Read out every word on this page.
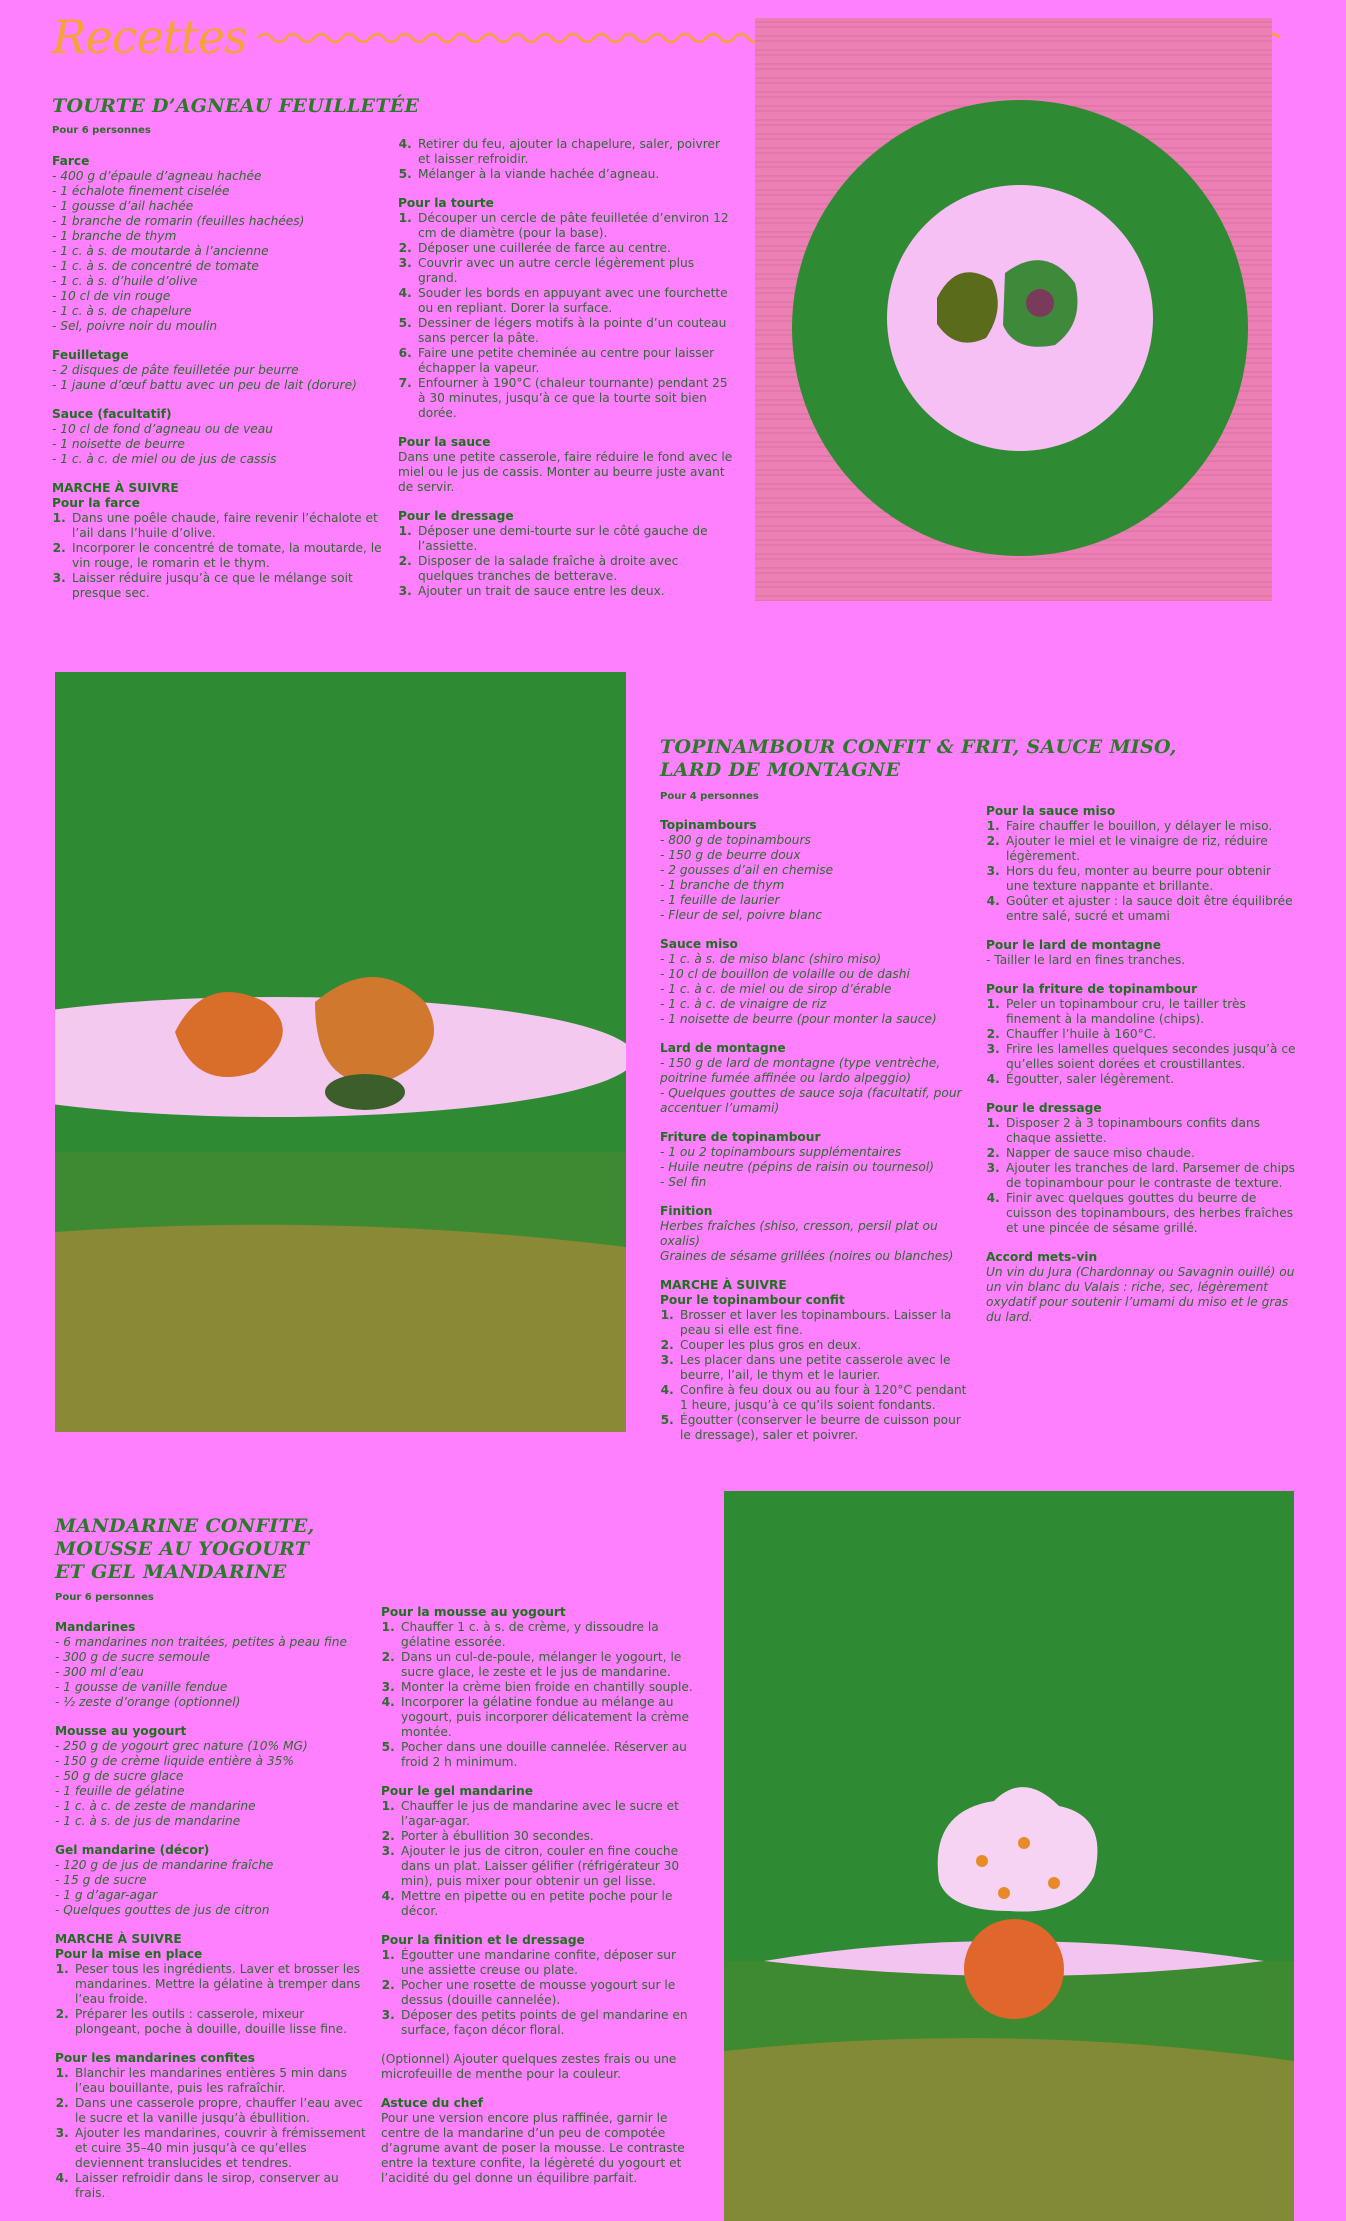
Recettes
TOURTE D’AGNEAU FEUILLETÉE
Pour 6 personnes
Farce
- 400 g d’épaule d’agneau hachée
- 1 échalote finement ciselée
- 1 gousse d’ail hachée
- 1 branche de romarin (feuilles hachées)
- 1 branche de thym
- 1 c. à s. de moutarde à l’ancienne
- 1 c. à s. de concentré de tomate
- 1 c. à s. d’huile d’olive
- 10 cl de vin rouge
- 1 c. à s. de chapelure
- Sel, poivre noir du moulin
Feuilletage
- 2 disques de pâte feuilletée pur beurre
- 1 jaune d’œuf battu avec un peu de lait (dorure)
Sauce (facultatif)
- 10 cl de fond d’agneau ou de veau
- 1 noisette de beurre
- 1 c. à c. de miel ou de jus de cassis
MARCHE À SUIVRE
Pour la farce
1. Dans une poêle chaude, faire revenir l’échalote et l’ail dans l’huile d’olive.
2. Incorporer le concentré de tomate, la moutarde, le vin rouge, le romarin et le thym.
3. Laisser réduire jusqu’à ce que le mélange soit presque sec.
4. Retirer du feu, ajouter la chapelure, saler, poivrer et laisser refroidir.
5. Mélanger à la viande hachée d’agneau.
Pour la tourte
1. Découper un cercle de pâte feuilletée d’environ 12 cm de diamètre (pour la base).
2. Déposer une cuillerée de farce au centre.
3. Couvrir avec un autre cercle légèrement plus grand.
4. Souder les bords en appuyant avec une fourchette ou en repliant. Dorer la surface.
5. Dessiner de légers motifs à la pointe d’un couteau sans percer la pâte.
6. Faire une petite cheminée au centre pour laisser échapper la vapeur.
7. Enfourner à 190°C (chaleur tournante) pendant 25 à 30 minutes, jusqu’à ce que la tourte soit bien dorée.
Pour la sauce

Dans une petite casserole, faire réduire le fond avec le miel ou le jus de cassis. Monter au beurre juste avant de servir.

Pour le dressage
1. Déposer une demi-tourte sur le côté gauche de l’assiette.
2. Disposer de la salade fraîche à droite avec quelques tranches de betterave.
3. Ajouter un trait de sauce entre les deux.
TOPINAMBOUR CONFIT & FRIT, SAUCE MISO,
LARD DE MONTAGNE
Pour 4 personnes
Topinambours
- 800 g de topinambours
- 150 g de beurre doux
- 2 gousses d’ail en chemise
- 1 branche de thym
- 1 feuille de laurier
- Fleur de sel, poivre blanc
Sauce miso
- 1 c. à s. de miso blanc (shiro miso)
- 10 cl de bouillon de volaille ou de dashi
- 1 c. à c. de miel ou de sirop d’érable
- 1 c. à c. de vinaigre de riz
- 1 noisette de beurre (pour monter la sauce)
Lard de montagne
- 150 g de lard de montagne (type ventrèche, poitrine fumée affinée ou lardo alpeggio)
- Quelques gouttes de sauce soja (facultatif, pour accentuer l’umami)
Friture de topinambour
- 1 ou 2 topinambours supplémentaires
- Huile neutre (pépins de raisin ou tournesol)
- Sel fin
Finition
Herbes fraîches (shiso, cresson, persil plat ou oxalis)
Graines de sésame grillées (noires ou blanches)
MARCHE À SUIVRE
Pour le topinambour confit
1. Brosser et laver les topinambours. Laisser la peau si elle est fine.
2. Couper les plus gros en deux.
3. Les placer dans une petite casserole avec le beurre, l’ail, le thym et le laurier.
4. Confire à feu doux ou au four à 120°C pendant 1 heure, jusqu’à ce qu’ils soient fondants.
5. Égoutter (conserver le beurre de cuisson pour le dressage), saler et poivrer.
Pour la sauce miso
1. Faire chauffer le bouillon, y délayer le miso.
2. Ajouter le miel et le vinaigre de riz, réduire légèrement.
3. Hors du feu, monter au beurre pour obtenir une texture nappante et brillante.
4. Goûter et ajuster : la sauce doit être équilibrée entre salé, sucré et umami
Pour le lard de montagne

- Tailler le lard en fines tranches.

Pour la friture de topinambour
1. Peler un topinambour cru, le tailler très finement à la mandoline (chips).
2. Chauffer l’huile à 160°C.
3. Frire les lamelles quelques secondes jusqu’à ce qu’elles soient dorées et croustillantes.
4. Égoutter, saler légèrement.
Pour le dressage
1. Disposer 2 à 3 topinambours confits dans chaque assiette.
2. Napper de sauce miso chaude.
3. Ajouter les tranches de lard. Parsemer de chips de topinambour pour le contraste de texture.
4. Finir avec quelques gouttes du beurre de cuisson des topinambours, des herbes fraîches et une pincée de sésame grillé.
Accord mets-vin

Un vin du Jura (Chardonnay ou Savagnin ouillé) ou un vin blanc du Valais : riche, sec, légèrement oxydatif pour soutenir l’umami du miso et le gras du lard.

MANDARINE CONFITE,
MOUSSE AU YOGOURT
ET GEL MANDARINE
Pour 6 personnes
Mandarines
- 6 mandarines non traitées, petites à peau fine
- 300 g de sucre semoule
- 300 ml d’eau
- 1 gousse de vanille fendue
- ½ zeste d’orange (optionnel)
Mousse au yogourt
- 250 g de yogourt grec nature (10% MG)
- 150 g de crème liquide entière à 35%
- 50 g de sucre glace
- 1 feuille de gélatine
- 1 c. à c. de zeste de mandarine
- 1 c. à s. de jus de mandarine
Gel mandarine (décor)
- 120 g de jus de mandarine fraîche
- 15 g de sucre
- 1 g d’agar-agar
- Quelques gouttes de jus de citron
MARCHE À SUIVRE
Pour la mise en place
1. Peser tous les ingrédients. Laver et brosser les mandarines. Mettre la gélatine à tremper dans l’eau froide.
2. Préparer les outils : casserole, mixeur plongeant, poche à douille, douille lisse fine.
Pour les mandarines confites
1. Blanchir les mandarines entières 5 min dans l’eau bouillante, puis les rafraîchir.
2. Dans une casserole propre, chauffer l’eau avec le sucre et la vanille jusqu’à ébullition.
3. Ajouter les mandarines, couvrir à frémissement et cuire 35–40 min jusqu’à ce qu’elles deviennent translucides et tendres.
4. Laisser refroidir dans le sirop, conserver au frais.
Pour la mousse au yogourt
1. Chauffer 1 c. à s. de crème, y dissoudre la gélatine essorée.
2. Dans un cul-de-poule, mélanger le yogourt, le sucre glace, le zeste et le jus de mandarine.
3. Monter la crème bien froide en chantilly souple.
4. Incorporer la gélatine fondue au mélange au yogourt, puis incorporer délicatement la crème montée.
5. Pocher dans une douille cannelée. Réserver au froid 2 h minimum.
Pour le gel mandarine
1. Chauffer le jus de mandarine avec le sucre et l’agar-agar.
2. Porter à ébullition 30 secondes.
3. Ajouter le jus de citron, couler en fine couche dans un plat. Laisser gélifier (réfrigérateur 30 min), puis mixer pour obtenir un gel lisse.
4. Mettre en pipette ou en petite poche pour le décor.
Pour la finition et le dressage
1. Égoutter une mandarine confite, déposer sur une assiette creuse ou plate.
2. Pocher une rosette de mousse yogourt sur le dessus (douille cannelée).
3. Déposer des petits points de gel mandarine en surface, façon décor floral.

(Optionnel) Ajouter quelques zestes frais ou une microfeuille de menthe pour la couleur.

Astuce du chef

Pour une version encore plus raffinée, garnir le centre de la mandarine d’un peu de compotée d’agrume avant de poser la mousse. Le contraste entre la texture confite, la légèreté du yogourt et l’acidité du gel donne un équilibre parfait.
